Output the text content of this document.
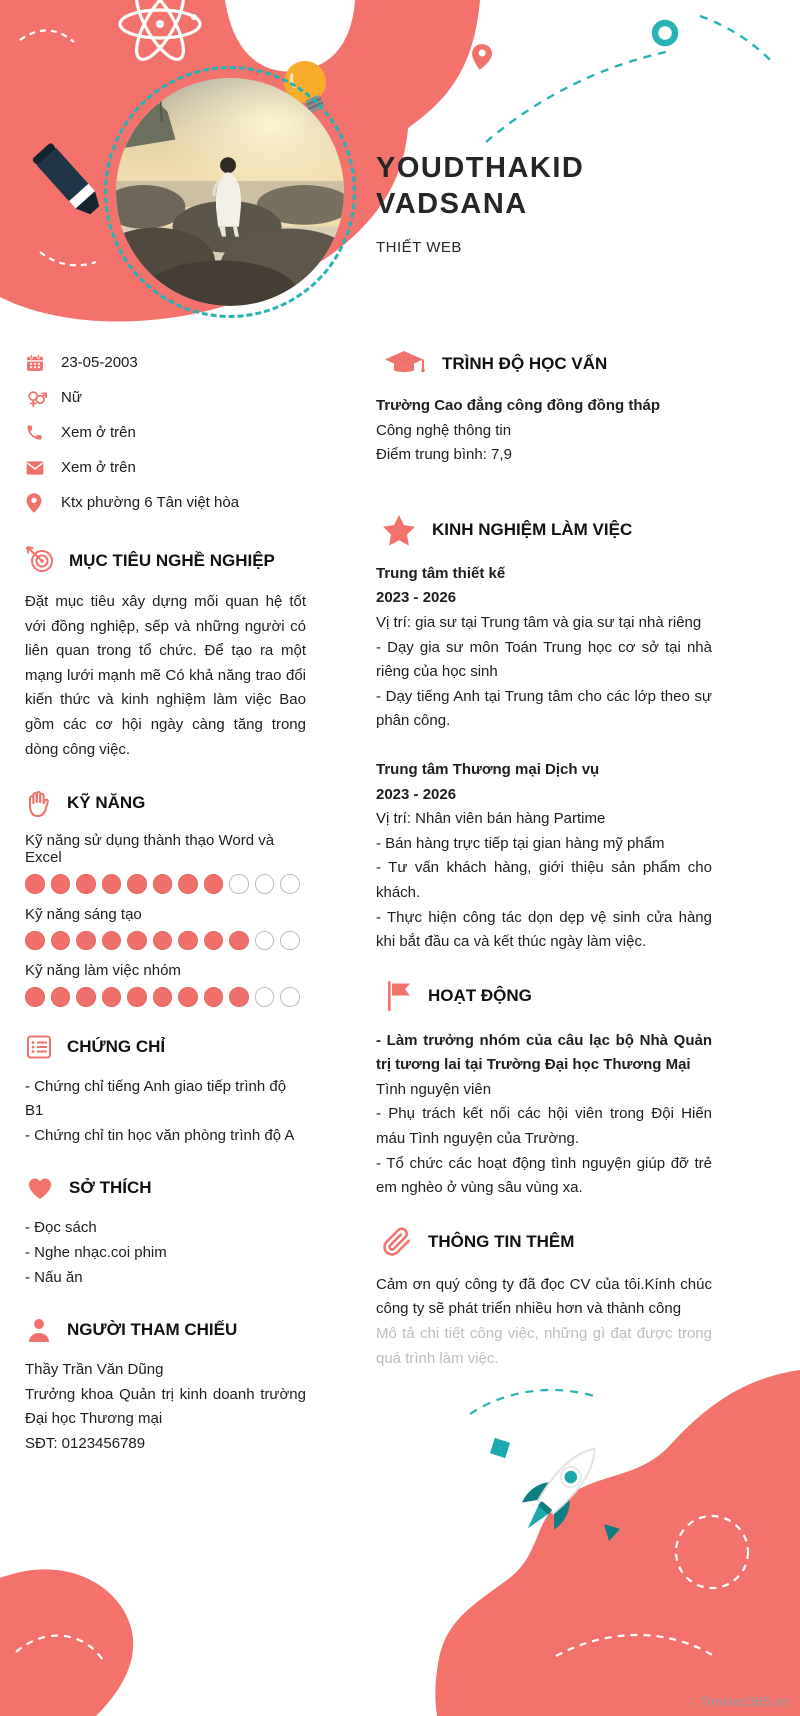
YOUDTHAKID VADSANA
THIẾT WEB
23-05-2003
Nữ
Xem ở trên
Xem ở trên
Ktx phường 6 Tân việt hòa
MỤC TIÊU NGHỀ NGHIỆP

Đặt mục tiêu xây dựng mối quan hệ tốt với đồng nghiệp, sếp và những người có liên quan trong tổ chức. Để tạo ra một mạng lưới mạnh mẽ Có khả năng trao đổi kiến thức và kinh nghiệm làm việc Bao gồm các cơ hội ngày càng tăng trong dòng công việc.

KỸ NĂNG
Kỹ năng sử dụng thành thạo Word và Excel
Kỹ năng sáng tạo
Kỹ năng làm việc nhóm
CHỨNG CHỈ
- Chứng chỉ tiếng Anh giao tiếp trình độ B1
- Chứng chỉ tin học văn phòng trình độ A
SỞ THÍCH
- Đọc sách
- Nghe nhạc.coi phim
- Nấu ăn
NGƯỜI THAM CHIẾU
Thầy Trần Văn Dũng
Trưởng khoa Quản trị kinh doanh trường Đại học Thương mại
SĐT: 0123456789
TRÌNH ĐỘ HỌC VẤN
Trường Cao đẳng công đồng đồng tháp
Công nghệ thông tin
Điểm trung bình: 7,9
KINH NGHIỆM LÀM VIỆC
Trung tâm thiết kế
2023 - 2026
Vị trí: gia sư tại Trung tâm và gia sư tại nhà riêng
- Dạy gia sư môn Toán Trung học cơ sở tại nhà riêng của học sinh
- Dạy tiếng Anh tại Trung tâm cho các lớp theo sự phân công.
Trung tâm Thương mại Dịch vụ
2023 - 2026
Vị trí: Nhân viên bán hàng Partime
- Bán hàng trực tiếp tại gian hàng mỹ phẩm
- Tư vấn khách hàng, giới thiệu sản phẩm cho khách.
- Thực hiện công tác dọn dẹp vệ sinh cửa hàng khi bắt đầu ca và kết thúc ngày làm việc.
HOẠT ĐỘNG
- Làm trưởng nhóm của câu lạc bộ Nhà Quản trị tương lai tại Trường Đại học Thương Mại
Tình nguyện viên
- Phụ trách kết nối các hội viên trong Đội Hiến máu Tình nguyện của Trường.
- Tổ chức các hoạt động tình nguyện giúp đỡ trẻ em nghèo ở vùng sâu vùng xa.
THÔNG TIN THÊM
Cảm ơn quý công ty đã đọc CV của tôi.Kính chúc công ty sẽ phát triển nhiều hơn và thành công
Mô tả chi tiết công việc, những gì đạt được trong quá trình làm việc.
∴ Timviec365.vn
